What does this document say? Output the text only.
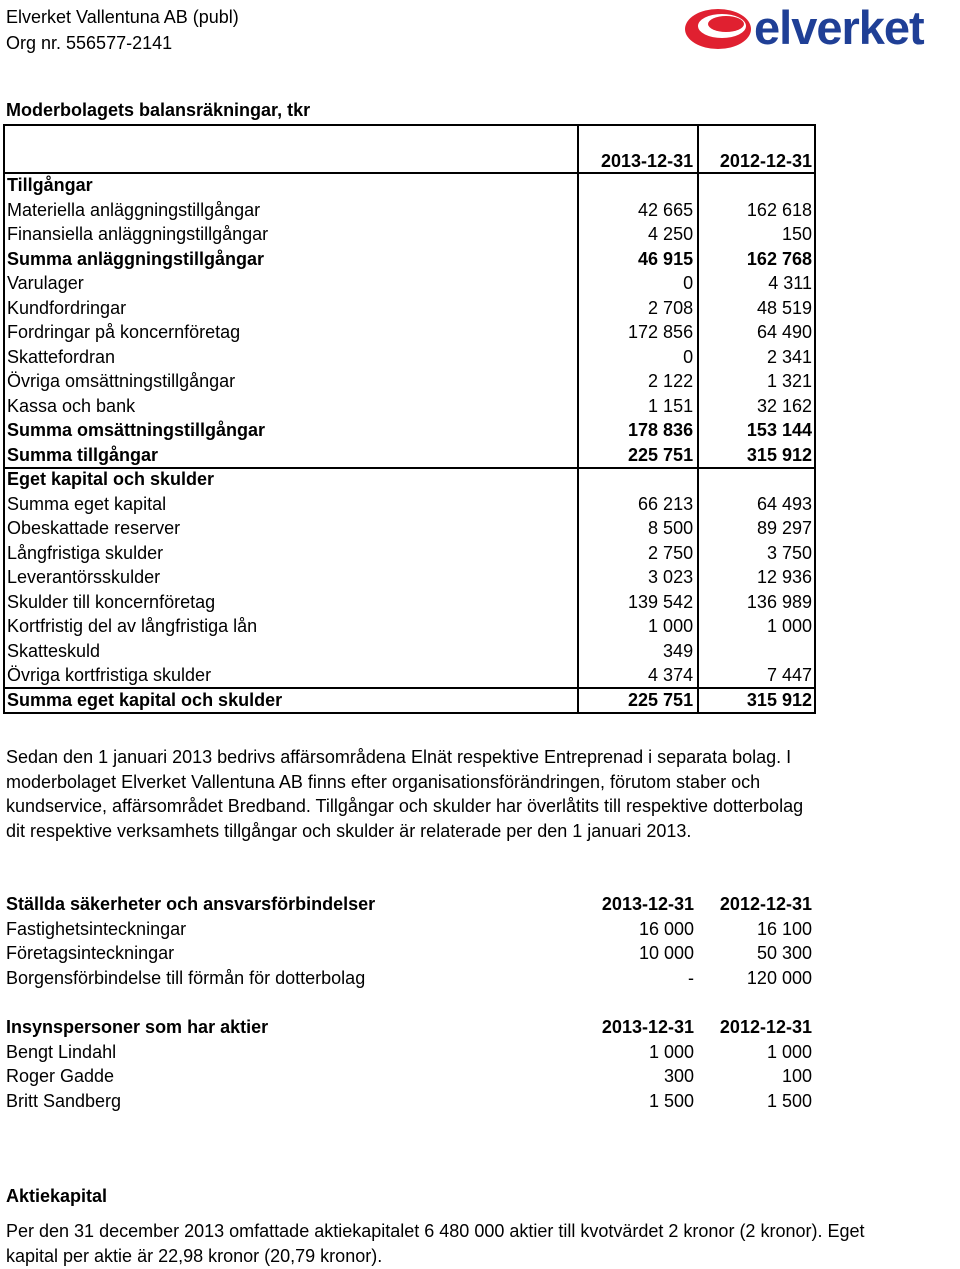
Elverket Vallentuna AB (publ)
Org nr. 556577-2141	elverket
Moderbolagets balansräkningar, tkr

	2013-12-31	2012-12-31
Tillgångar		
Materiella anläggningstillgångar	42 665	162 618
Finansiella anläggningstillgångar	4 250	150
Summa anläggningstillgångar	46 915	162 768
Varulager	0	4 311
Kundfordringar	2 708	48 519
Fordringar på koncernföretag	172 856	64 490
Skattefordran	0	2 341
Övriga omsättningstillgångar	2 122	1 321
Kassa och bank	1 151	32 162
Summa omsättningstillgångar	178 836	153 144
Summa tillgångar	225 751	315 912
Eget kapital och skulder		
Summa eget kapital	66 213	64 493
Obeskattade reserver	8 500	89 297
Långfristiga skulder	2 750	3 750
Leverantörsskulder	3 023	12 936
Skulder till koncernföretag	139 542	136 989
Kortfristig del av långfristiga lån	1 000	1 000
Skatteskuld	349	
Övriga kortfristiga skulder	4 374	7 447
Summa eget kapital och skulder	225 751	315 912
Sedan den 1 januari 2013 bedrivs affärsområdena Elnät respektive Entreprenad i separata bolag. I moderbolaget Elverket Vallentuna AB finns efter organisationsförändringen, förutom staber och kundservice, affärsområdet Bredband. Tillgångar och skulder har överlåtits till respektive dotterbolag dit respektive verksamhets tillgångar och skulder är relaterade per den 1 januari 2013.
Ställda säkerheter och ansvarsförbindelser	2013-12-31	2012-12-31
Fastighetsinteckningar	16 000	16 100
Företagsinteckningar	10 000	50 300
Borgensförbindelse till förmån för dotterbolag	-	120 000
Insynspersoner som har aktier	2013-12-31	2012-12-31
Bengt Lindahl	1 000	1 000
Roger Gadde	300	100
Britt Sandberg	1 500	1 500
Aktiekapital
Per den 31 december 2013 omfattade aktiekapitalet 6 480 000 aktier till kvotvärdet 2 kronor (2 kronor). Eget kapital per aktie är 22,98 kronor (20,79 kronor).
